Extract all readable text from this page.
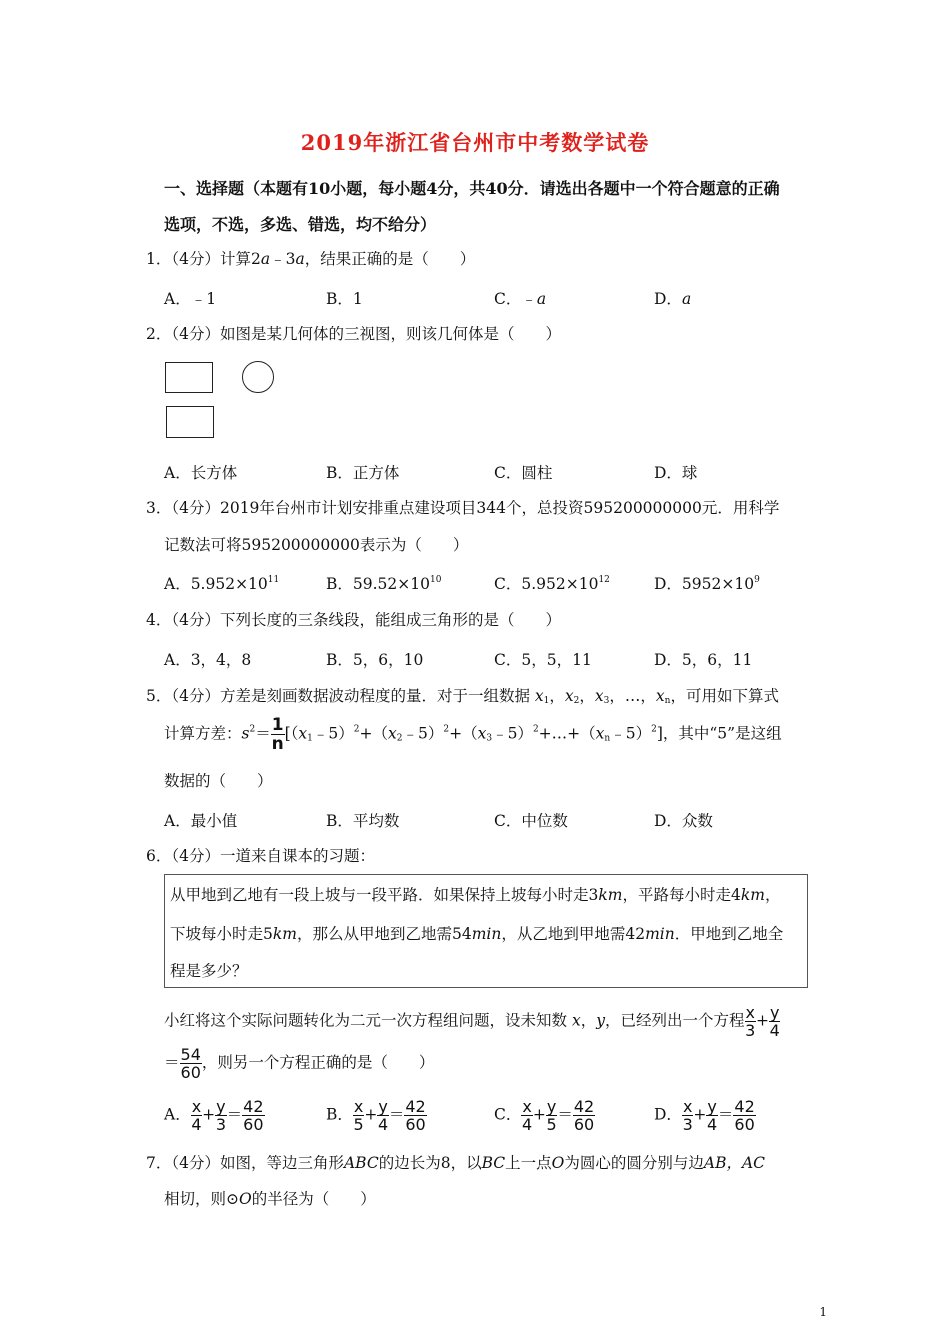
2019年浙江省台州市中考数学试卷
一、选择题（本题有10小题，每小题4分，共40分．请选出各题中一个符合题意的正确
选项，不选，多选、错选，均不给分）
1．（4分）计算2a﹣3a，结果正确的是（　　）
A．﹣1	B．1	C．﹣a	D．a
2．（4分）如图是某几何体的三视图，则该几何体是（　　）
A．长方体	B．正方体	C．圆柱	D．球
3．（4分）2019年台州市计划安排重点建设项目344个，总投资595200000000元．用科学
记数法可将595200000000表示为（　　）
A．$5.952\times 10^{11}$	B．$59.52\times 10^{10}$	C．$5.952\times 10^{12}$	D．$5952\times 10^9$
4．（4分）下列长度的三条线段，能组成三角形的是（　　）
A．3，4，8	B．5，6，10	C．5，5，11	D．5，6，11
5．（4分）方差是刻画数据波动程度的量．对于一组数据 $x_1$，$x_2$，$x_3$，…，$x_n$，可用如下算式
计算方差：$s^2= \frac{1}{n}$ $[(x_1﹣5)^2+(x_2﹣5)^2+(x_3﹣5)^2+\dots+(x_n﹣5)^2]$，其中“5”是这组
数据的（　　）
A．最小值	B．平均数	C．中位数	D．众数
6．（4分）一道来自课本的习题：
从甲地到乙地有一段上坡与一段平路．如果保持上坡每小时走3km，平路每小时走4km，
下坡每小时走5km，那么从甲地到乙地需54min，从乙地到甲地需42min．甲地到乙地全
程是多少？
小红将这个实际问题转化为二元一次方程组问题，设未知数 x，y，已经列出一个方程 $\frac{x}{3} + \frac{y}{4}$
＝ $\frac{54}{60}$ ，则另一个方程正确的是（　　）
A． $\frac{x}{4} + \frac{y}{3} = \frac{42}{60}$	B． $\frac{x}{5} + \frac{y}{4} = \frac{42}{60}$	C． $\frac{x}{4} + \frac{y}{5} = \frac{42}{60}$	D． $\frac{x}{3} + \frac{y}{4} = \frac{42}{60}$
7．（4分）如图，等边三角形ABC的边长为8，以BC上一点O为圆心的圆分别与边AB，AC
相切，则⊙O的半径为（　　）
1
